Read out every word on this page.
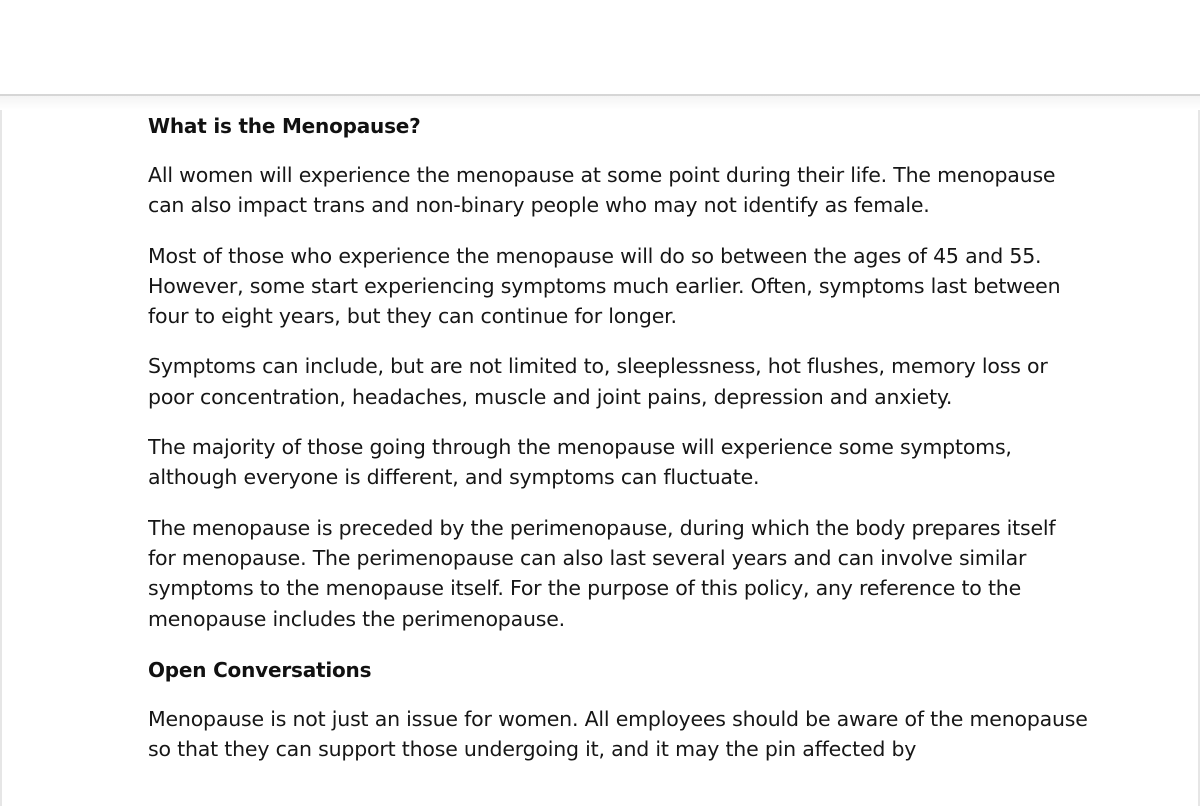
What is the Menopause?

All women will experience the menopause at some point during their life. The menopause can also impact trans and non-binary people who may not identify as female.

Most of those who experience the menopause will do so between the ages of 45 and 55. However, some start experiencing symptoms much earlier. Often, symptoms last between four to eight years, but they can continue for longer.

Symptoms can include, but are not limited to, sleeplessness, hot flushes, memory loss or poor concentration, headaches, muscle and joint pains, depression and anxiety.

The majority of those going through the menopause will experience some symptoms, although everyone is different, and symptoms can fluctuate.

The menopause is preceded by the perimenopause, during which the body prepares itself for menopause. The perimenopause can also last several years and can involve similar symptoms to the menopause itself. For the purpose of this policy, any reference to the menopause includes the perimenopause.

Open Conversations

Menopause is not just an issue for women. All employees should be aware of the menopause so that they can support those undergoing it, and it may the pin affected by
